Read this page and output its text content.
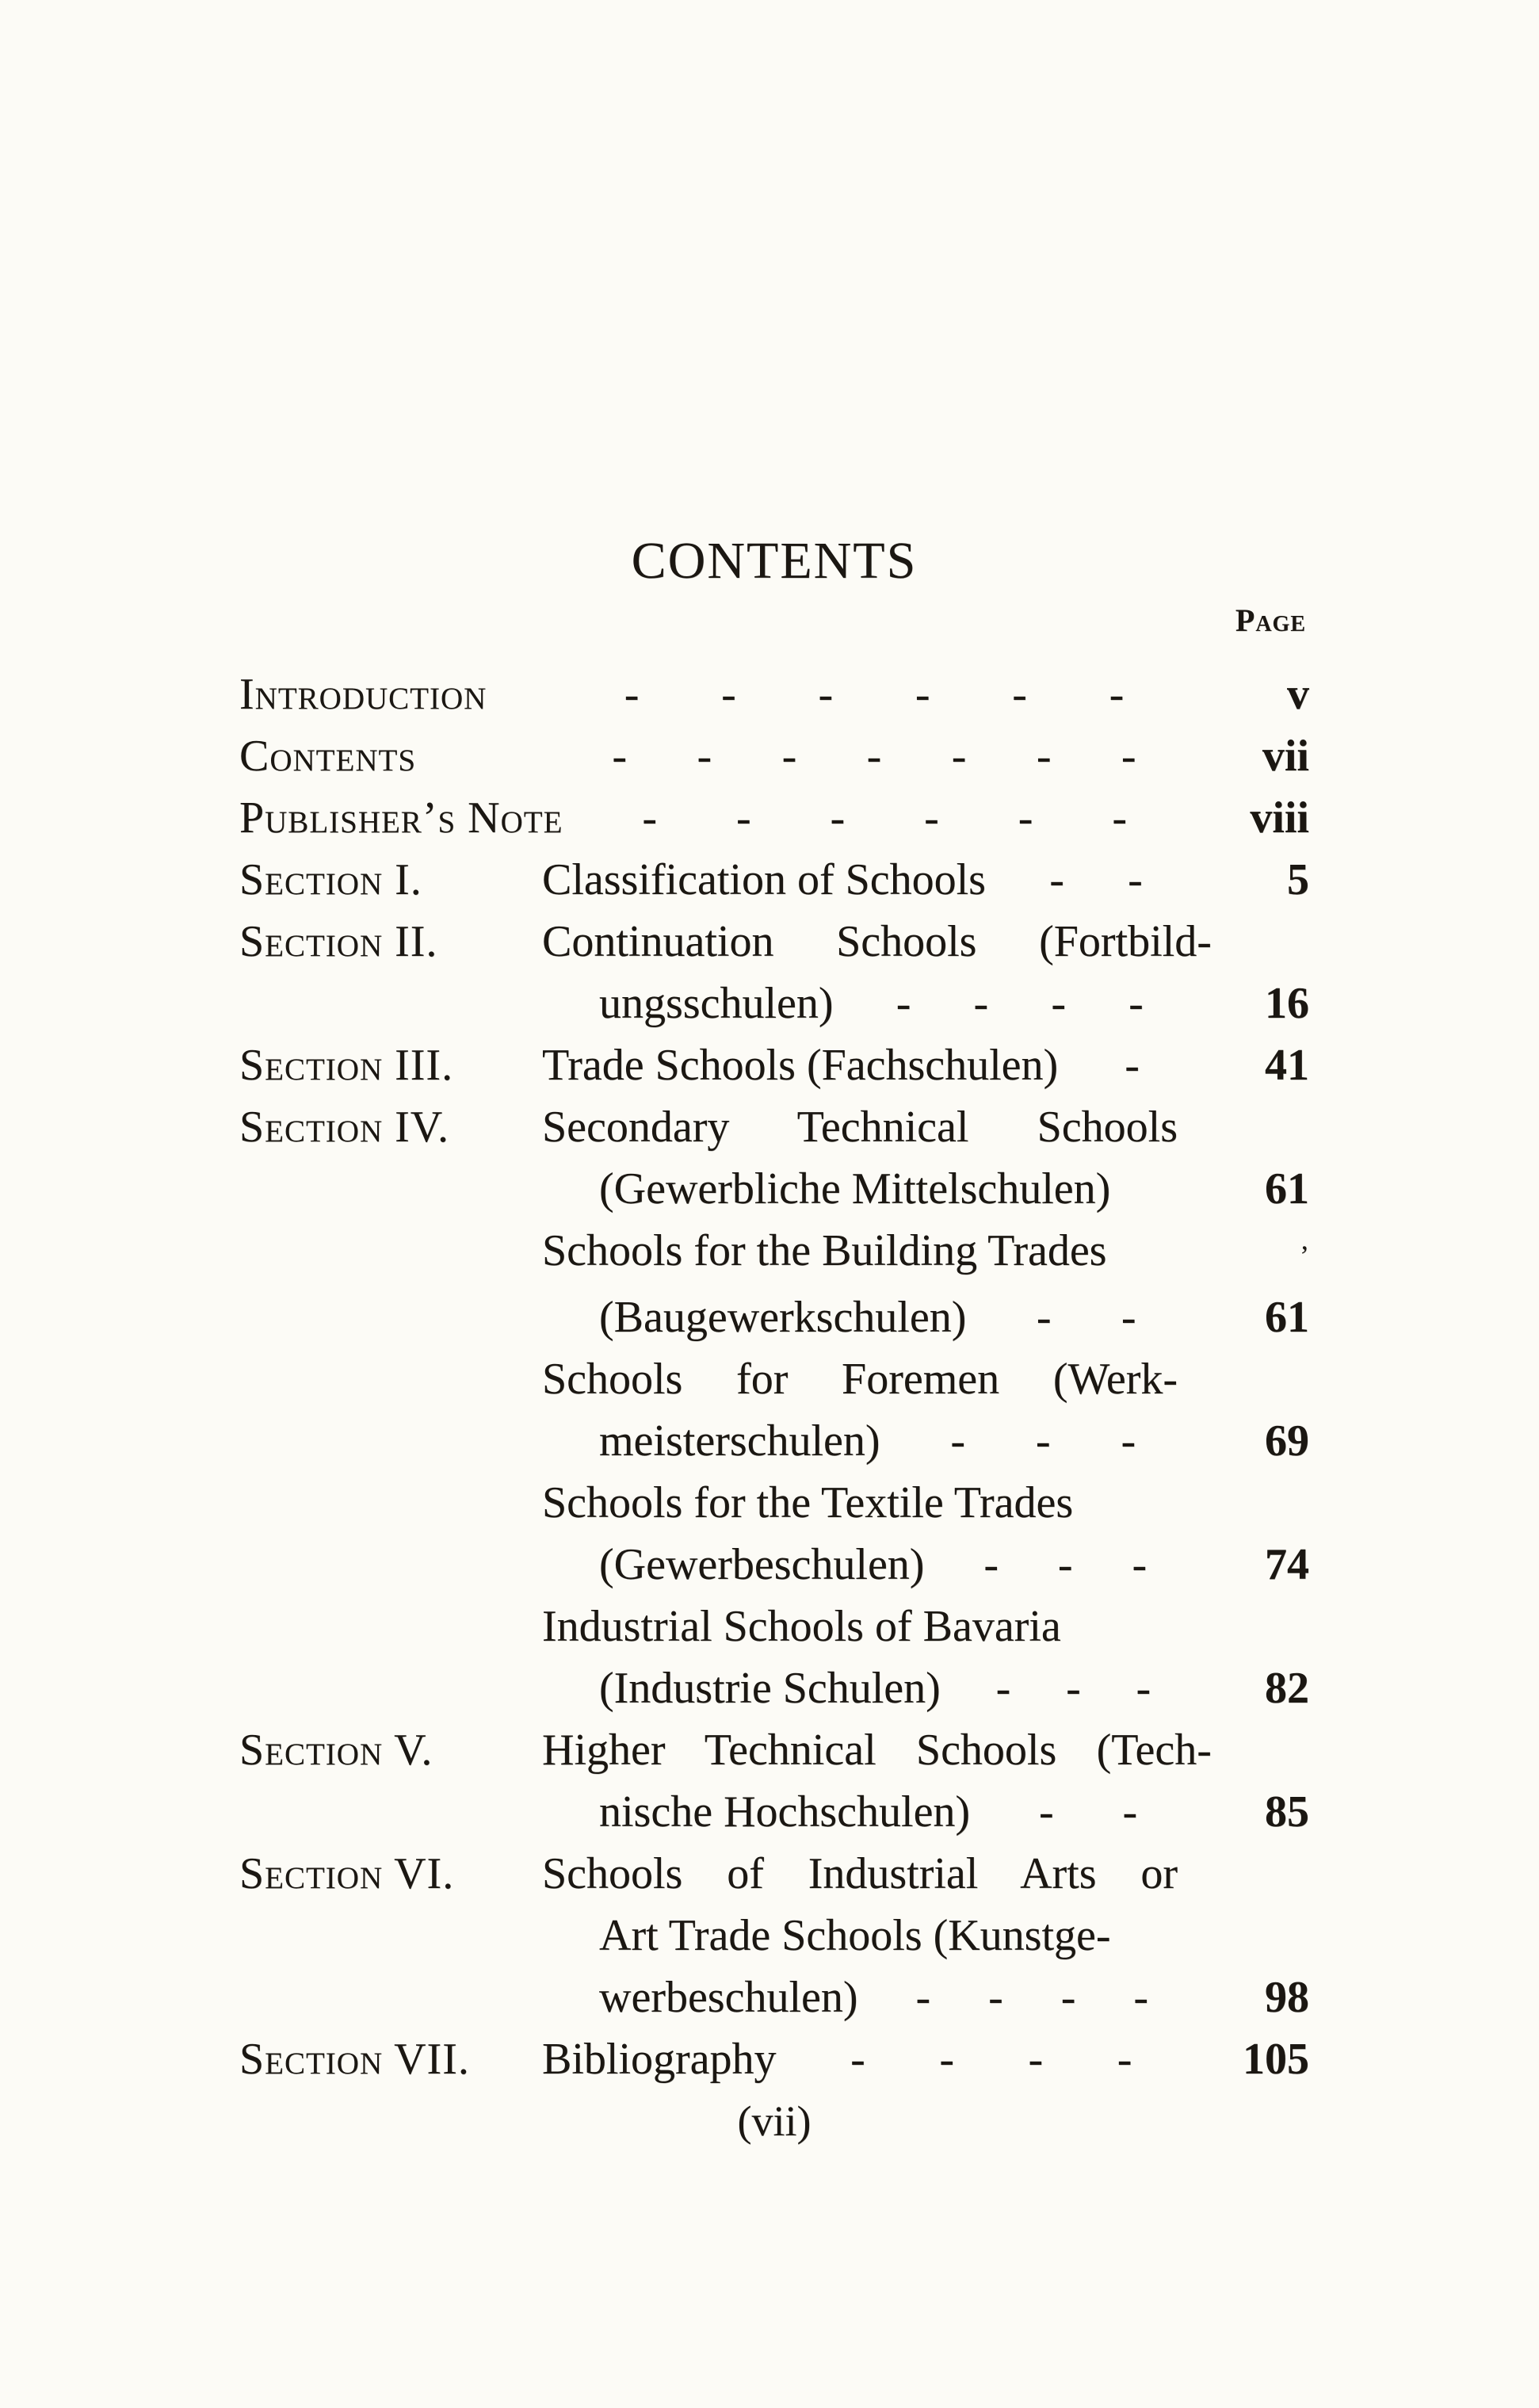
CONTENTS
Page
Introduction	- - - - - -	v
Contents	- - - - - - -	vii
Publisher’s Note - - - - - -	viii
Section I.	Classification of Schools - -	5
Section II.	Continuation Schools (Fortbild-
ungsschulen) - - - -	16
Section III.	Trade Schools (Fachschulen) -	41
Section IV.	Secondary Technical Schools
(Gewerbliche Mittelschulen)	61
Schools for the Building Trades	’
(Baugewerkschulen) - -	61
Schools for Foremen (Werk-
meisterschulen) - - -	69
Schools for the Textile Trades
(Gewerbeschulen) - - -	74
Industrial Schools of Bavaria
(Industrie Schulen) - - -	82
Section V.	Higher Technical Schools (Tech-
nische Hochschulen) - -	85
Section VI.	Schools of Industrial Arts or
Art Trade Schools (Kunstge-
werbeschulen) - - - -	98
Section VII.	Bibliography - - - -	105
(vii)
